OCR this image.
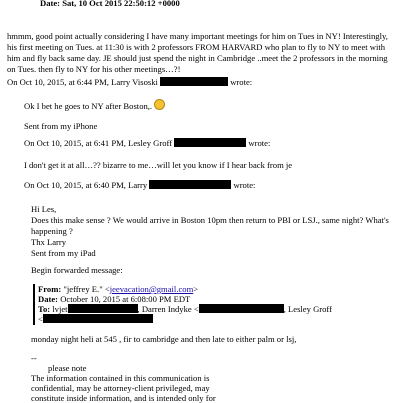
Date: Sat, 10 Oct 2015 22:50:12 +0000
hmmm, good point actually considering I have many important meetings for him on Tues in NY! Interestingly,
his first meeting on Tues. at 11:30 is with 2 professors FROM HARVARD who plan to fly to NY to meet with
him and fly back same day. JE should just spend the night in Cambridge ..meet the 2 professors in the morning
on Tues. then fly to NY for his other meetings…?!
On Oct 10, 2015, at 6:44 PM, Larry Visoski	wrote:
Ok I bet he goes to NY after Boston,.
Sent from my iPhone
On Oct 10, 2015, at 6:41 PM, Lesley Groff	wrote:
I don't get it at all…?? bizarre to me…will let you know if I hear back from je
On Oct 10, 2015, at 6:40 PM, Larry	wrote:
Hi Les,
Does this make sense ? We would arrive in Boston 10pm then return to PBI or LSJ., same night? What's
happening ?
Thx Larry
Sent from my iPad
Begin forwarded message:
From: "jeffrey E." <jeevacation@gmail.com>
Date: October 10, 2015 at 6:08:00 PM EDT
To: lvjet	, Darren Indyke <	, Lesley Groff
<
monday night heli at 545 , fir to cambridge and then late to either palm or lsj,
--
please note
The information contained in this communication is
confidential, may be attorney-client privileged, may
constitute inside information, and is intended only for
